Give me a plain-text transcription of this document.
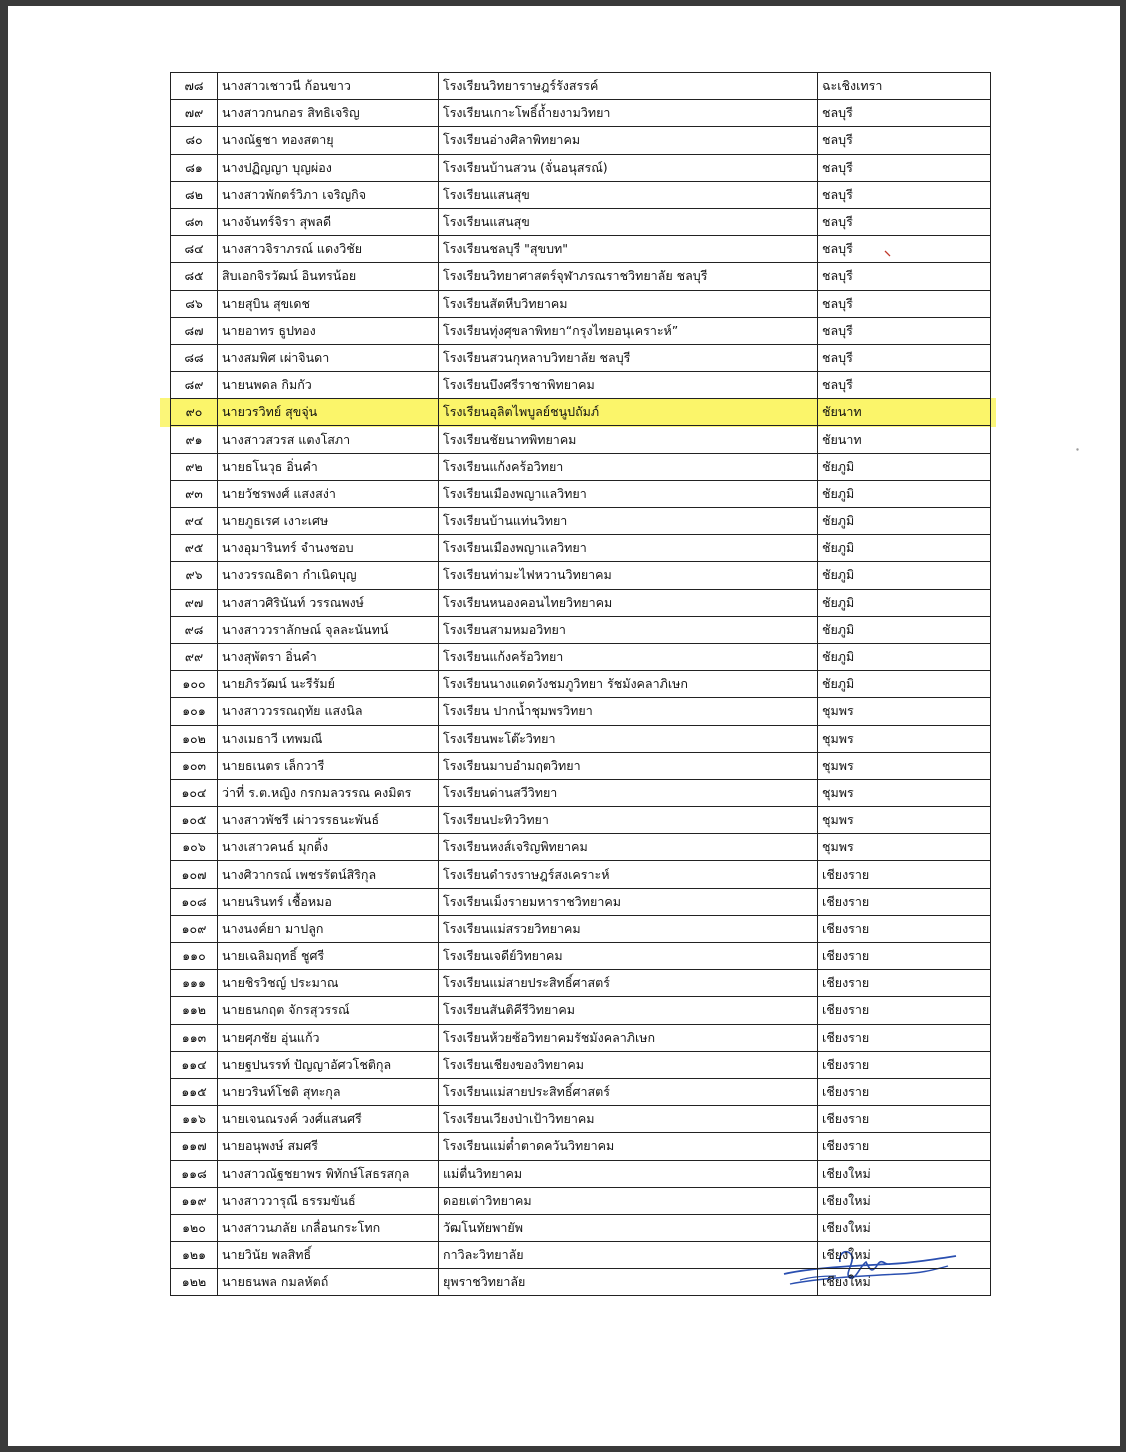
๗๘	นางสาวเชาวนี ก้อนขาว	โรงเรียนวิทยาราษฎร์รังสรรค์	ฉะเชิงเทรา
๗๙	นางสาวกนกอร สิทธิเจริญ	โรงเรียนเกาะโพธิ์ถ้ำยงามวิทยา	ชลบุรี
๘๐	นางณัฐชา ทองสตายุ	โรงเรียนอ่างศิลาพิทยาคม	ชลบุรี
๘๑	นางปฏิญญา บุญผ่อง	โรงเรียนบ้านสวน (จั่นอนุสรณ์)	ชลบุรี
๘๒	นางสาวพักตร์วิภา เจริญกิจ	โรงเรียนแสนสุข	ชลบุรี
๘๓	นางจันทร์จิรา สุพลดี	โรงเรียนแสนสุข	ชลบุรี
๘๔	นางสาวจิราภรณ์ แดงวิชัย	โรงเรียนชลบุรี "สุขบท"	ชลบุรี
๘๕	สิบเอกจิรวัฒน์ อินทรน้อย	โรงเรียนวิทยาศาสตร์จุฬาภรณราชวิทยาลัย ชลบุรี	ชลบุรี
๘๖	นายสุบิน สุขเดช	โรงเรียนสัตหีบวิทยาคม	ชลบุรี
๘๗	นายอาทร ธูปทอง	โรงเรียนทุ่งศุขลาพิทยา“กรุงไทยอนุเคราะห์”	ชลบุรี
๘๘	นางสมพิศ เผ่าจินดา	โรงเรียนสวนกุหลาบวิทยาลัย ชลบุรี	ชลบุรี
๘๙	นายนพดล กิมกัว	โรงเรียนบึงศรีราชาพิทยาคม	ชลบุรี
๙๐	นายวรวิทย์ สุขจุ่น	โรงเรียนอุลิตไพบูลย์ชนูปถัมภ์	ชัยนาท
๙๑	นางสาวสวรส แตงโสภา	โรงเรียนชัยนาทพิทยาคม	ชัยนาท
๙๒	นายธโนวุธ อิ่นคำ	โรงเรียนแก้งคร้อวิทยา	ชัยภูมิ
๙๓	นายวัชรพงศ์ แสงสง่า	โรงเรียนเมืองพญาแลวิทยา	ชัยภูมิ
๙๔	นายภูธเรศ เงาะเศษ	โรงเรียนบ้านแท่นวิทยา	ชัยภูมิ
๙๕	นางอุมารินทร์ จำนงชอบ	โรงเรียนเมืองพญาแลวิทยา	ชัยภูมิ
๙๖	นางวรรณธิดา กำเนิดบุญ	โรงเรียนท่ามะไฟหวานวิทยาคม	ชัยภูมิ
๙๗	นางสาวศิรินันท์ วรรณพงษ์	โรงเรียนหนองคอนไทยวิทยาคม	ชัยภูมิ
๙๘	นางสาววราลักษณ์ จุลละนันทน์	โรงเรียนสามหมอวิทยา	ชัยภูมิ
๙๙	นางสุพัตรา อิ่นคำ	โรงเรียนแก้งคร้อวิทยา	ชัยภูมิ
๑๐๐	นายภิรวัฒน์ นะรีรัมย์	โรงเรียนนางแดดวังชมภูวิทยา รัชมังคลาภิเษก	ชัยภูมิ
๑๐๑	นางสาววรรณฤทัย แสงนิล	โรงเรียน ปากน้ำชุมพรวิทยา	ชุมพร
๑๐๒	นางเมธาวี เทพมณี	โรงเรียนพะโต๊ะวิทยา	ชุมพร
๑๐๓	นายธเนตร เล็กวารี	โรงเรียนมาบอำมฤตวิทยา	ชุมพร
๑๐๔	ว่าที่ ร.ต.หญิง กรกมลวรรณ คงมิตร	โรงเรียนด่านสวีวิทยา	ชุมพร
๑๐๕	นางสาวพัชรี เผ่าวรรธนะพันธ์	โรงเรียนปะทิววิทยา	ชุมพร
๑๐๖	นางเสาวคนธ์ มุกติ้ง	โรงเรียนหงส์เจริญพิทยาคม	ชุมพร
๑๐๗	นางศิวากรณ์ เพชรรัตน์สิริกุล	โรงเรียนดำรงราษฎร์สงเคราะห์	เชียงราย
๑๐๘	นายนรินทร์ เชื้อหมอ	โรงเรียนเม็งรายมหาราชวิทยาคม	เชียงราย
๑๐๙	นางนงค์ยา มาปลูก	โรงเรียนแม่สรวยวิทยาคม	เชียงราย
๑๑๐	นายเฉลิมฤทธิ์ ชูศรี	โรงเรียนเจดีย์วิทยาคม	เชียงราย
๑๑๑	นายชิรวิชญ์ ประมาณ	โรงเรียนแม่สายประสิทธิ์ศาสตร์	เชียงราย
๑๑๒	นายธนกฤต จักรสุวรรณ์	โรงเรียนสันติคีรีวิทยาคม	เชียงราย
๑๑๓	นายศุภชัย อุ่นแก้ว	โรงเรียนห้วยซ้อวิทยาคมรัชมังคลาภิเษก	เชียงราย
๑๑๔	นายฐปนรรท์ ปัญญาอัศวโชติกุล	โรงเรียนเชียงของวิทยาคม	เชียงราย
๑๑๕	นายวรินท์โชติ สุทะกุล	โรงเรียนแม่สายประสิทธิ์ศาสตร์	เชียงราย
๑๑๖	นายเจนณรงค์ วงศ์แสนศรี	โรงเรียนเวียงป่าเป้าวิทยาคม	เชียงราย
๑๑๗	นายอนุพงษ์ สมศรี	โรงเรียนแม่ต๋ำตาดควันวิทยาคม	เชียงราย
๑๑๘	นางสาวณัฐชยาพร พิทักษ์โสธรสกุล	แม่ตื่นวิทยาคม	เชียงใหม่
๑๑๙	นางสาววารุณี ธรรมขันธ์	ดอยเต่าวิทยาคม	เชียงใหม่
๑๒๐	นางสาวนภลัย เกลื่อนกระโทก	วัฒโนทัยพายัพ	เชียงใหม่
๑๒๑	นายวินัย พลสิทธิ์	กาวิละวิทยาลัย	เชียงใหม่
๑๒๒	นายธนพล กมลหัตถ์	ยุพราชวิทยาลัย	เชียงใหม่
